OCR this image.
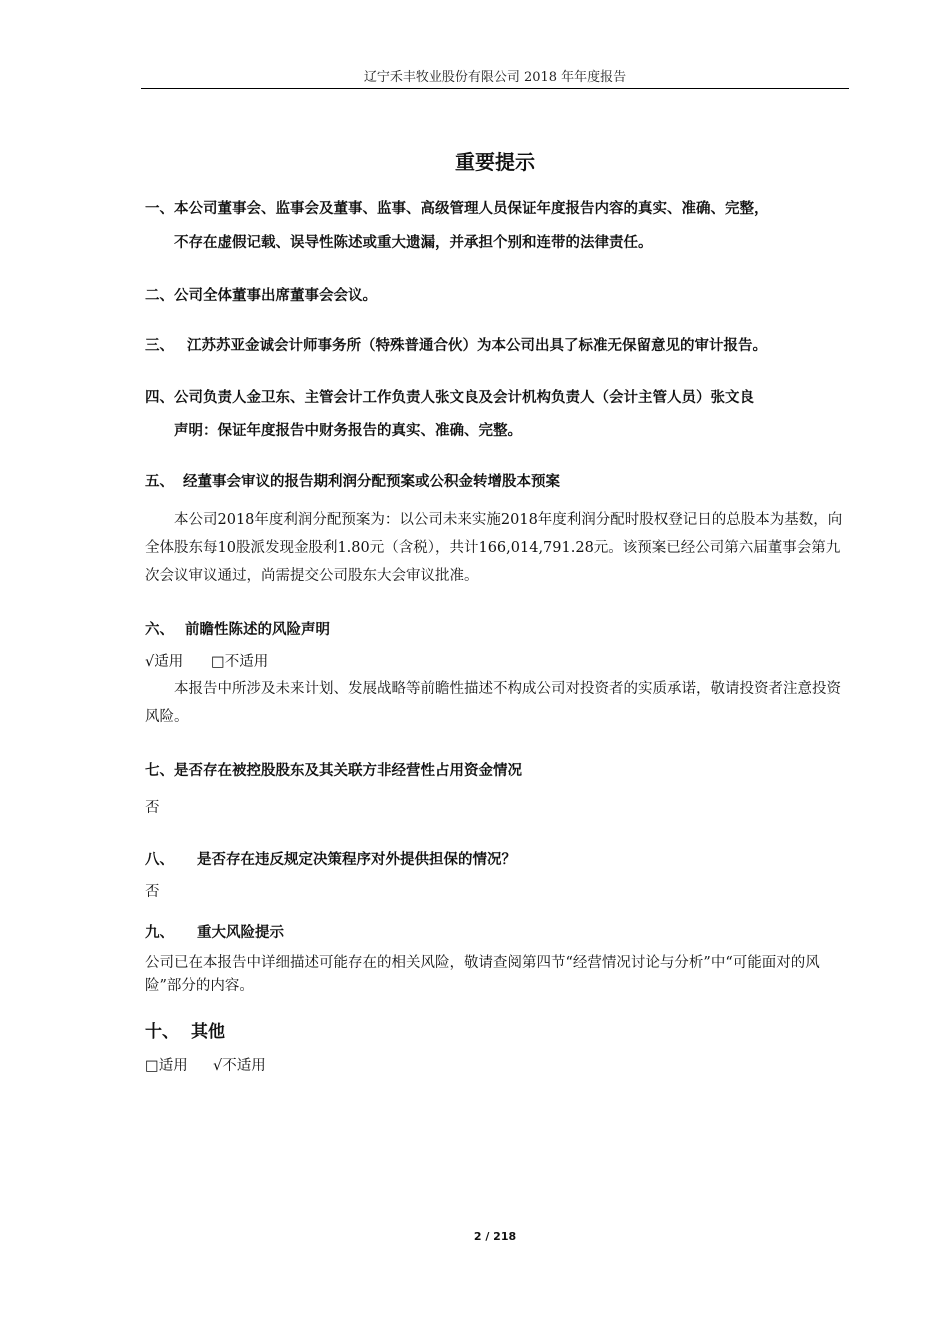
辽宁禾丰牧业股份有限公司 2018 年年度报告
重要提示
一、本公司董事会、监事会及董事、监事、高级管理人员保证年度报告内容的真实、准确、完整，
不存在虚假记载、误导性陈述或重大遗漏，并承担个别和连带的法律责任。
二、公司全体董事出席董事会会议。
三、 江苏苏亚金诚会计师事务所（特殊普通合伙）为本公司出具了标准无保留意见的审计报告。
四、公司负责人金卫东、主管会计工作负责人张文良及会计机构负责人（会计主管人员）张文良
声明：保证年度报告中财务报告的真实、准确、完整。
五、 经董事会审议的报告期利润分配预案或公积金转增股本预案
本公司2018年度利润分配预案为：以公司未来实施2018年度利润分配时股权登记日的总股本为基数，向全体股东每10股派发现金股利1.80元（含税），共计166,014,791.28元。该预案已经公司第六届董事会第九次会议审议通过，尚需提交公司股东大会审议批准。
六、 前瞻性陈述的风险声明
√适用 □不适用
本报告中所涉及未来计划、发展战略等前瞻性描述不构成公司对投资者的实质承诺，敬请投资者注意投资风险。
七、是否存在被控股股东及其关联方非经营性占用资金情况
否
八、 是否存在违反规定决策程序对外提供担保的情况？
否
九、 重大风险提示
公司已在本报告中详细描述可能存在的相关风险，敬请查阅第四节“经营情况讨论与分析”中“可能面对的风险”部分的内容。
十、 其他
□适用 √不适用
2 / 218
